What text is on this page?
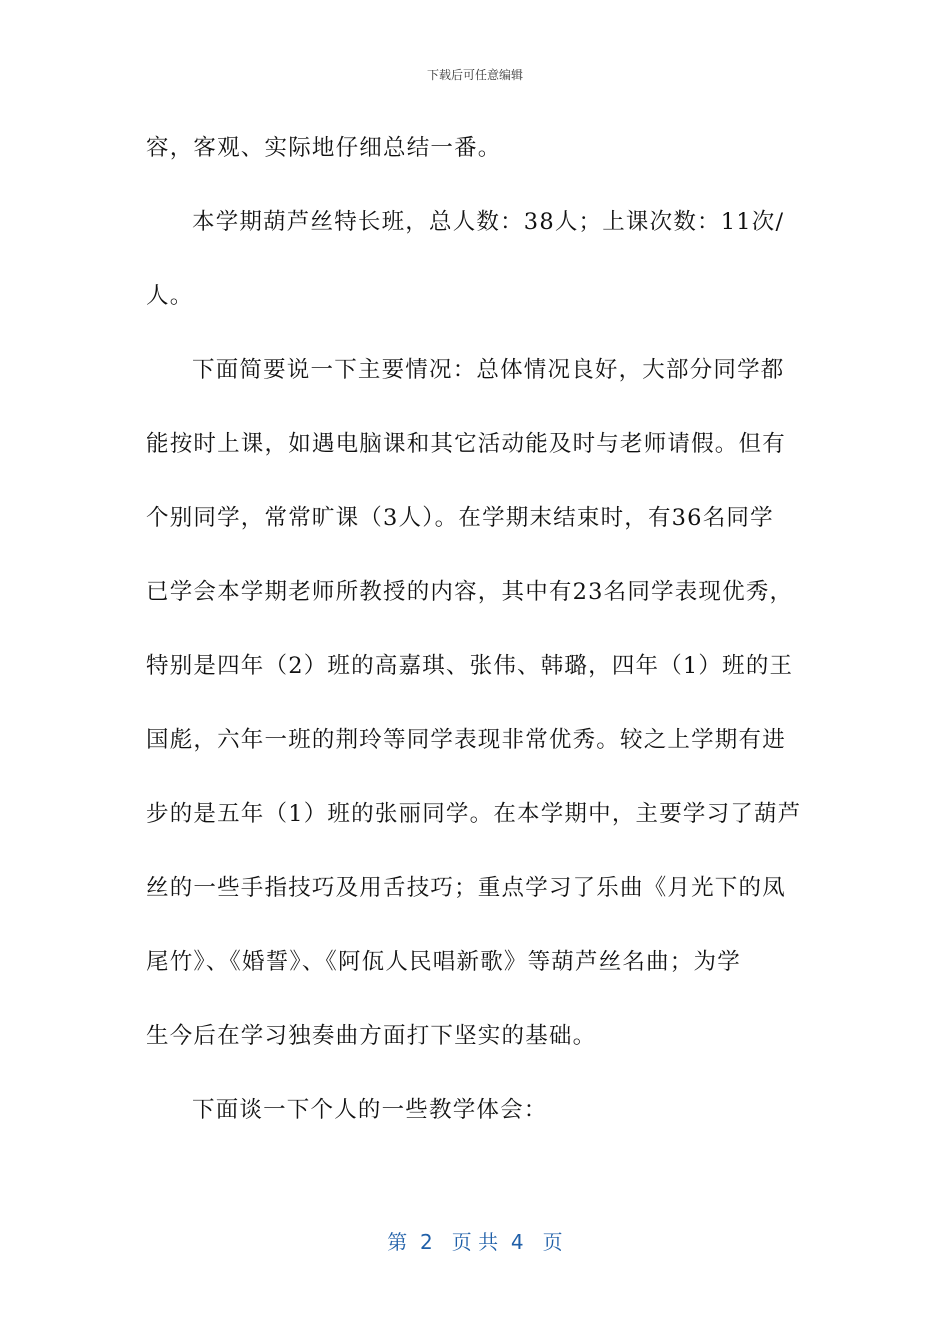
下载后可任意编辑
容，客观、实际地仔细总结一番。
本学期葫芦丝特长班，总人数：38人；上课次数：11次/
人。
下面简要说一下主要情况：总体情况良好，大部分同学都
能按时上课，如遇电脑课和其它活动能及时与老师请假。但有
个别同学，常常旷课（3人）。在学期末结束时，有36名同学
已学会本学期老师所教授的内容，其中有23名同学表现优秀，
特别是四年（2）班的高嘉琪、张伟、韩璐，四年（1）班的王
国彪，六年一班的荆玲等同学表现非常优秀。较之上学期有进
步的是五年（1）班的张丽同学。在本学期中，主要学习了葫芦
丝的一些手指技巧及用舌技巧；重点学习了乐曲《月光下的凤
尾竹》、《婚誓》、《阿佤人民唱新歌》等葫芦丝名曲；为学
生今后在学习独奏曲方面打下坚实的基础。
下面谈一下个人的一些教学体会：
第  2   页 共  4   页
